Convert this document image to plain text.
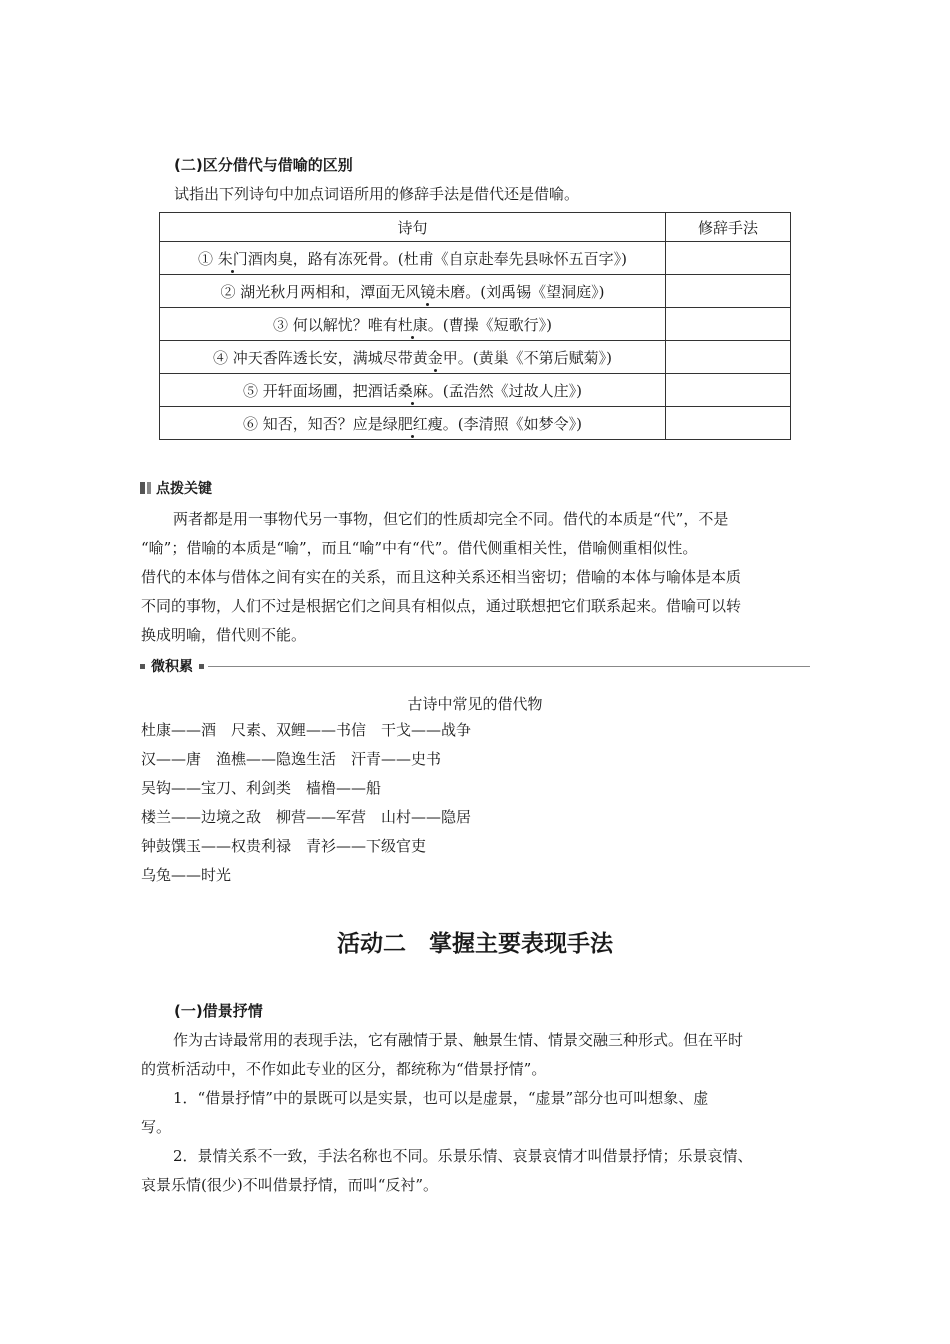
(二)区分借代与借喻的区别
试指出下列诗句中加点词语所用的修辞手法是借代还是借喻。
诗句	修辞手法
① 朱门酒肉臭，路有冻死骨。(杜甫《自京赴奉先县咏怀五百字》)	
② 湖光秋月两相和，潭面无风镜未磨。(刘禹锡《望洞庭》)	
③ 何以解忧？唯有杜康。(曹操《短歌行》)	
④ 冲天香阵透长安，满城尽带黄金甲。(黄巢《不第后赋菊》)	
⑤ 开轩面场圃，把酒话桑麻。(孟浩然《过故人庄》)	
⑥ 知否，知否？应是绿肥红瘦。(李清照《如梦令》)	
点拨关键
两者都是用一事物代另一事物，但它们的性质却完全不同。借代的本质是“代”，不是
“喻”；借喻的本质是“喻”，而且“喻”中有“代”。借代侧重相关性，借喻侧重相似性。
借代的本体与借体之间有实在的关系，而且这种关系还相当密切；借喻的本体与喻体是本质
不同的事物，人们不过是根据它们之间具有相似点，通过联想把它们联系起来。借喻可以转
换成明喻，借代则不能。
微积累
古诗中常见的借代物
杜康——酒　尺素、双鲤——书信　干戈——战争
汉——唐　渔樵——隐逸生活　汗青——史书
吴钩——宝刀、利剑类　樯橹——船
楼兰——边境之敌　柳营——军营　山村——隐居
钟鼓馔玉——权贵利禄　青衫——下级官吏
乌兔——时光
活动二　掌握主要表现手法
(一)借景抒情
作为古诗最常用的表现手法，它有融情于景、触景生情、情景交融三种形式。但在平时
的赏析活动中，不作如此专业的区分，都统称为“借景抒情”。
1．“借景抒情”中的景既可以是实景，也可以是虚景，“虚景”部分也可叫想象、虚
写。
2．景情关系不一致，手法名称也不同。乐景乐情、哀景哀情才叫借景抒情；乐景哀情、
哀景乐情(很少)不叫借景抒情，而叫“反衬”。
